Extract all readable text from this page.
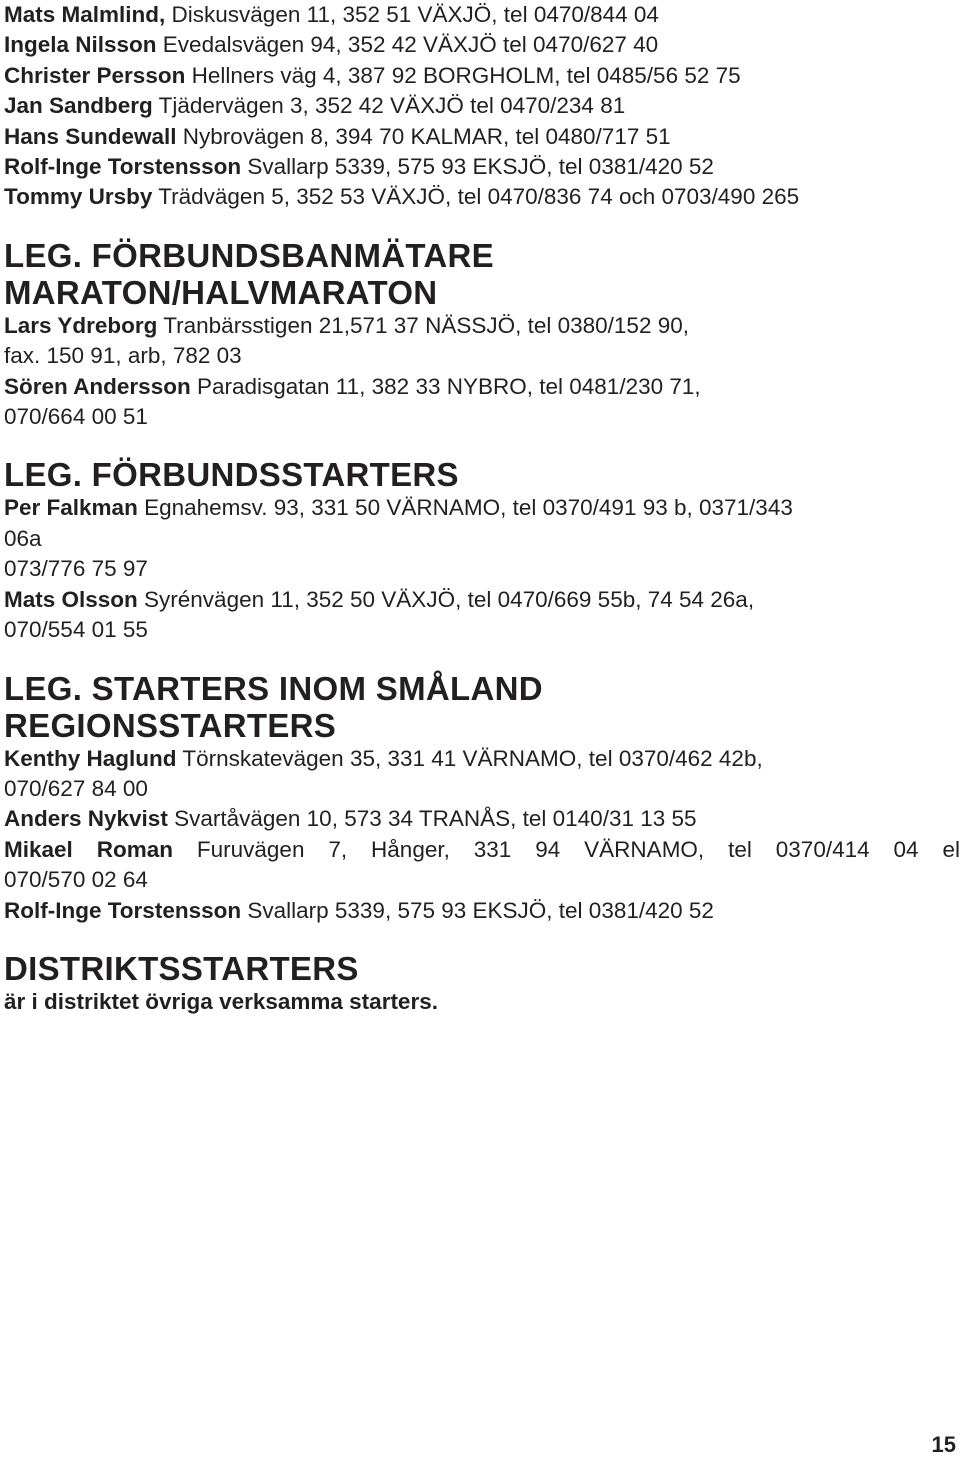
Mats Malmlind, Diskusvägen 11, 352 51 VÄXJÖ, tel 0470/844 04

Ingela Nilsson Evedalsvägen 94, 352 42 VÄXJÖ tel 0470/627 40

Christer Persson Hellners väg 4, 387 92 BORGHOLM, tel 0485/56 52 75

Jan Sandberg Tjädervägen 3, 352 42 VÄXJÖ tel 0470/234 81

Hans Sundewall Nybrovägen 8, 394 70 KALMAR, tel 0480/717 51

Rolf-Inge Torstensson Svallarp 5339, 575 93 EKSJÖ, tel 0381/420 52

Tommy Ursby Trädvägen 5, 352 53 VÄXJÖ, tel 0470/836 74 och 0703/490 265

LEG. FÖRBUNDSBANMÄTARE
MARATON/HALVMARATON

Lars Ydreborg Tranbärsstigen 21,571 37 NÄSSJÖ, tel 0380/152 90,

fax. 150 91, arb, 782 03

Sören Andersson Paradisgatan 11, 382 33 NYBRO, tel 0481/230 71,

070/664 00 51

LEG. FÖRBUNDSSTARTERS

Per Falkman Egnahemsv. 93, 331 50 VÄRNAMO, tel 0370/491 93 b, 0371/343

06a

073/776 75 97

Mats Olsson Syrénvägen 11, 352 50 VÄXJÖ, tel 0470/669 55b, 74 54 26a,

070/554 01 55

LEG. STARTERS INOM SMÅLAND
REGIONSSTARTERS

Kenthy Haglund Törnskatevägen 35, 331 41 VÄRNAMO, tel 0370/462 42b,

070/627 84 00

Anders Nykvist Svartåvägen 10, 573 34 TRANÅS, tel 0140/31 13 55

Mikael Roman Furuvägen 7, Hånger, 331 94 VÄRNAMO, tel 0370/414 04 el

070/570 02 64

Rolf-Inge Torstensson Svallarp 5339, 575 93 EKSJÖ, tel 0381/420 52

DISTRIKTSSTARTERS

är i distriktet övriga verksamma starters.

15
